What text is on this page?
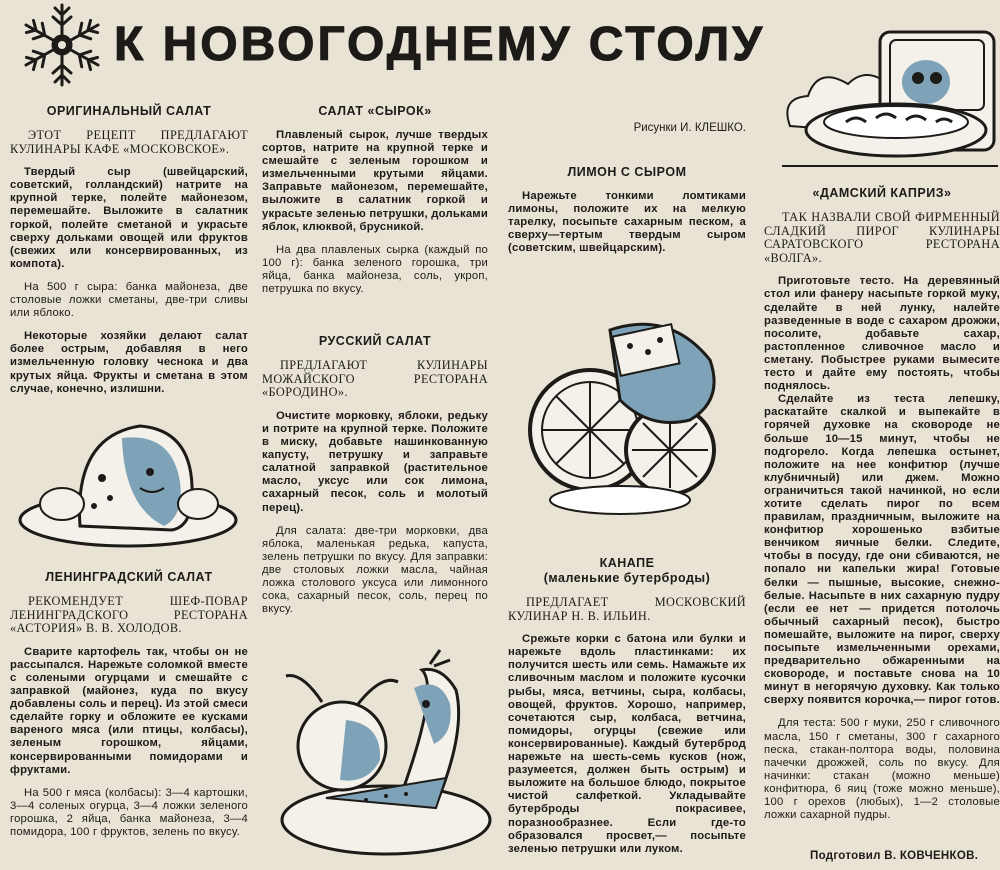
К НОВОГОДНЕМУ СТОЛУ

ОРИГИНАЛЬНЫЙ САЛАТ

ЭТОТ РЕЦЕПТ ПРЕДЛАГАЮТ КУЛИНАРЫ КАФЕ «МОСКОВСКОЕ».

Твердый сыр (швейцарский, советский, голландский) натрите на крупной терке, полейте майонезом, перемешайте. Выложите в салатник горкой, полейте сметаной и украсьте сверху дольками овощей или фруктов (свежих или консервированных, из компота).

На 500 г сыра: банка майонеза, две столовые ложки сметаны, две-три сливы или яблоко.

Некоторые хозяйки делают салат более острым, добавляя в него измельченную головку чеснока и два крутых яйца. Фрукты и сметана в этом случае, конечно, излишни.

ЛЕНИНГРАДСКИЙ САЛАТ

РЕКОМЕНДУЕТ ШЕФ-ПОВАР ЛЕНИНГРАДСКОГО РЕСТОРАНА «АСТОРИЯ» В. В. ХОЛОДОВ.

Сварите картофель так, чтобы он не рассыпался. Нарежьте соломкой вместе с солеными огурцами и смешайте с заправкой (майонез, куда по вкусу добавлены соль и перец). Из этой смеси сделайте горку и обложите ее кусками вареного мяса (или птицы, колбасы), зеленым горошком, яйцами, консервированными помидорами и фруктами.

На 500 г мяса (колбасы): 3—4 картошки, 3—4 соленых огурца, 3—4 ложки зеленого горошка, 2 яйца, банка майонеза, 3—4 помидора, 100 г фруктов, зелень по вкусу.

САЛАТ «СЫРОК»

Плавленый сырок, лучше твердых сортов, натрите на крупной терке и смешайте с зеленым горошком и измельченными крутыми яйцами. Заправьте майонезом, перемешайте, выложите в салатник горкой и украсьте зеленью петрушки, дольками яблок, клюквой, брусникой.

На два плавленых сырка (каждый по 100 г): банка зеленого горошка, три яйца, банка майонеза, соль, укроп, петрушка по вкусу.

РУССКИЙ САЛАТ

ПРЕДЛАГАЮТ КУЛИНАРЫ МОЖАЙСКОГО РЕСТОРАНА «БОРОДИНО».

Очистите морковку, яблоки, редьку и потрите на крупной терке. Положите в миску, добавьте нашинкованную капусту, петрушку и заправьте салатной заправкой (растительное масло, уксус или сок лимона, сахарный песок, соль и молотый перец).

Для салата: две-три морковки, два яблока, маленькая редька, капуста, зелень петрушки по вкусу. Для заправки: две столовых ложки масла, чайная ложка столового уксуса или лимонного сока, сахарный песок, соль, перец по вкусу.

Рисунки И. КЛЕШКО.

ЛИМОН С СЫРОМ

Нарежьте тонкими ломтиками лимоны, положите их на мелкую тарелку, посыпьте сахарным песком, а сверху—тертым твердым сыром (советским, швейцарским).

КАНАПЕ

(маленькие бутерброды)

ПРЕДЛАГАЕТ МОСКОВСКИЙ КУЛИНАР Н. В. ИЛЬИН.

Срежьте корки с батона или булки и нарежьте вдоль пластинками: их получится шесть или семь. Намажьте их сливочным маслом и положите кусочки рыбы, мяса, ветчины, сыра, колбасы, овощей, фруктов. Хорошо, например, сочетаются сыр, колбаса, ветчина, помидоры, огурцы (свежие или консервированные). Каждый бутерброд нарежьте на шесть-семь кусков (нож, разумеется, должен быть острым) и выложите на большое блюдо, покрытое чистой салфеткой. Укладывайте бутерброды покрасивее, поразнообразнее. Если где-то образовался просвет,— посыпьте зеленью петрушки или луком.

«ДАМСКИЙ КАПРИЗ»

ТАК НАЗВАЛИ СВОЙ ФИРМЕННЫЙ СЛАДКИЙ ПИРОГ КУЛИНАРЫ САРАТОВСКОГО РЕСТОРАНА «ВОЛГА».

Приготовьте тесто. На деревянный стол или фанеру насыпьте горкой муку, сделайте в ней лунку, налейте разведенные в воде с сахаром дрожжи, посолите, добавьте сахар, растопленное сливочное масло и сметану. Побыстрее руками вымесите тесто и дайте ему постоять, чтобы поднялось.

Сделайте из теста лепешку, раскатайте скалкой и выпекайте в горячей духовке на сковороде не больше 10—15 минут, чтобы не подгорело. Когда лепешка остынет, положите на нее конфитюр (лучше клубничный) или джем. Можно ограничиться такой начинкой, но если хотите сделать пирог по всем правилам, праздничным, выложите на конфитюр хорошенько взбитые венчиком яичные белки. Следите, чтобы в посуду, где они сбиваются, не попало ни капельки жира! Готовые белки — пышные, высокие, снежно-белые. Насыпьте в них сахарную пудру (если ее нет — придется потолочь обычный сахарный песок), быстро помешайте, выложите на пирог, сверху посыпьте измельченными орехами, предварительно обжаренными на сковороде, и поставьте снова на 10 минут в негорячую духовку. Как только сверху появится корочка,— пирог готов.

Для теста: 500 г муки, 250 г сливочного масла, 150 г сметаны, 300 г сахарного песка, стакан-полтора воды, половина пачечки дрожжей, соль по вкусу. Для начинки: стакан (можно меньше) конфитюра, 6 яиц (тоже можно меньше), 100 г орехов (любых), 1—2 столовые ложки сахарной пудры.

Подготовил В. КОВЧЕНКОВ.
